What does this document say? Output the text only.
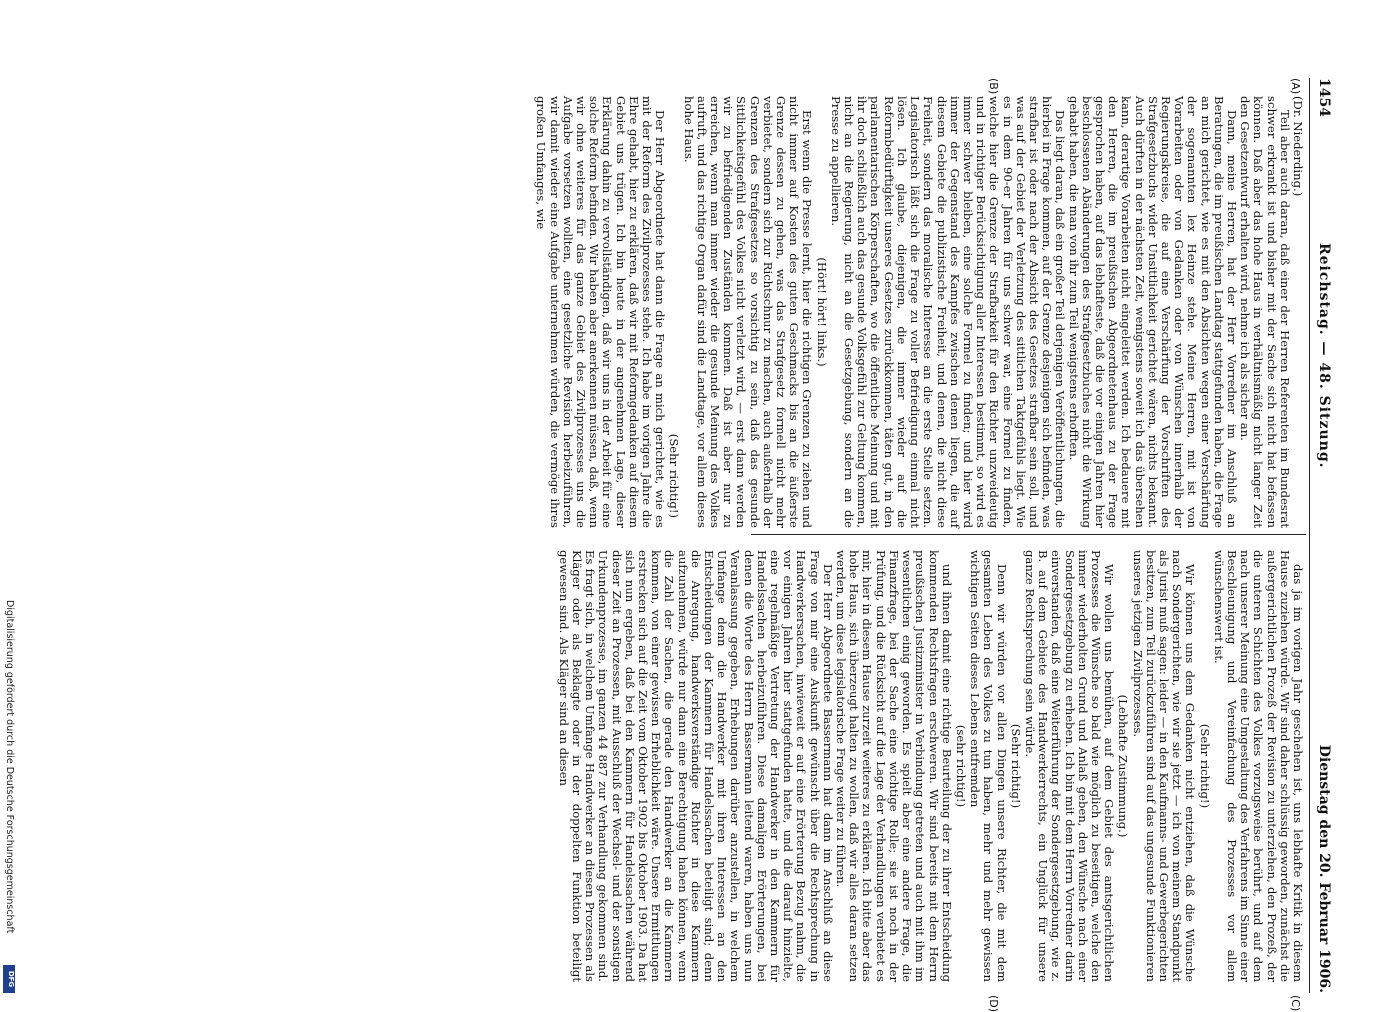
1454
Reichstag. — 48. Sitzung.
Dienstag den 20. Februar 1906.
(A)
(B)
(C)
(D)

(Dr. Niederding.)

Teil aber auch daran, daß einer der Herren Referenten im Bundesrat schwer erkrankt ist und bisher mit der Sache sich nicht hat befassen können. Daß aber das hohe Haus in verhältnismäßig nicht langer Zeit den Gesetzentwurf erhalten wird, nehme ich als sicher an.

Dann, meine Herren, hat der Herr Vorredner im Anschluß an Beratungen, die im preußischen Landtag stattgefunden haben, die Frage an mich gerichtet, wie es mit den Absichten wegen einer Verschärfung der sogenannten lex Heinze stehe. Meine Herren, mit ist von Vorarbeiten oder von Gedanken oder von Wünschen innerhalb der Regierungskreise, die auf eine Verschärfung der Vorschriften des Strafgesetzbuchs wider Unsittlichkeit gerichtet wären, nichts bekannt. Auch dürften in der nächsten Zeit, wenigstens soweit ich das übersehen kann, derartige Vorarbeiten nicht eingeleitet werden. Ich bedauere mit den Herren, die im preußischen Abgeordnetenhaus zu der Frage gesprochen haben, auf das lebhafteste, daß die vor einigen Jahren hier beschlossenen Abänderungen des Strafgesetzbuches nicht die Wirkung gehabt haben, die man von ihr zum Teil wenigstens erhofften.

Das liegt daran, daß ein großer Teil derjenigen Veröffentlichungen, die hierbei in Frage kommen, auf der Grenze desjenigen sich befinden, was strafbar ist oder nach der Absicht des Gesetzes strafbar sein soll, und was auf der Gebiet der Verletzung des sittlichen Taktgefühls liegt. Wie es in dem 90-er Jahren für uns schwer war, eine Formel zu finden, welche hier die Grenze der Strafbarkeit für den Richter unzweideutig und in richtiger Berücksichtigung aller Interessen bestimmt, so wird es immer schwer bleiben, eine solche Formel zu finden; und hier wird immer der Gegenstand des Kampfes zwischen denen liegen, die auf diesem Gebiete die publizistische Freiheit, und denen, die nicht diese Freiheit, sondern das moralische Interesse an die erste Stelle setzen. Legislatorisch läßt sich die Frage zu voller Befriedigung einmal nicht lösen. Ich glaube, diejenigen, die immer wieder auf die Reformbedürftigkeit unseres Gesetzes zurückkommen, täten gut, in den parlamentarischen Körperschaften, wo die öffentliche Meinung und mit ihr doch schließlich auch das gesunde Volksgefühl zur Geltung kommen, nicht an die Regierung, nicht an die Gesetzgebung, sondern an die Presse zu appellieren.

(Hört! hört! links.)

Erst wenn die Presse lernt, hier die richtigen Grenzen zu ziehen und nicht immer auf Kosten des guten Geschmacks bis an die äußerste Grenze dessen zu gehen, was das Strafgesetz formell nicht mehr verbietet, sondern sich zur Richtschnur zu machen, auch außerhalb der Grenzen des Strafgesetzes so vorsichtig zu sein, daß das gesunde Sittlichkeitsgefühl des Volkes nicht verletzt wird, — erst dann werden wir zu befriedigenden Zuständen kommen. Daß ist aber nur zu erreichen, wenn man immer wieder die gesunde Meinung des Volkes aufruft, und das richtige Organ dafür sind die Landtage, vor allem dieses hohe Haus.

(Sehr richtig!)

Der Herr Abgeordnete hat dann die Frage an mich gerichtet, wie es mit der Reform des Zivilprozesses stehe. Ich habe im vorigen Jahre die Ehre gehabt, hier zu erklären, daß wir mit Reformgedanken auf diesem Gebiet uns trügen. Ich bin heute in der angenehmen Lage, dieser Erklärung dahin zu vervollständigen, daß wir uns in der Arbeit für eine solche Reform befinden. Wir haben aber anerkennen müssen, daß, wenn wir ohne weiteres für das ganze Gebiet des Zivilprozesses uns die Aufgabe vorsetzen wollten, eine gesetzliche Revision herbeizuführen, wir damit wieder eine Aufgabe unternehmen würden, die vermöge ihres großen Umfanges, wie

das ja im vorigen Jahr geschehen ist, uns lebhafte Kritik in diesem Hause zuziehen würde. Wir sind daher schlüssig geworden, zunächst die außergerichtlichen Prozeß der Revision zu unterziehen, den Prozeß, der die unteren Schichten des Volkes vorzugsweise berührt, und auf dem nach unserer Meinung eine Umgestaltung des Verfahrens im Sinne einer Beschleunigung und Vereinfachung des Prozesses vor allem wünschenswert ist.

(Sehr richtig!)

Wir können uns dem Gedanken nicht entziehen, daß die Wünsche nach Sondergerichten, wie wir sie jetzt — ich von meinem Standpunkt als Jurist muß sagen: leider — in den Kaufmanns- und Gewerbegerichten besitzen, zum Teil zurückzuführen sind auf das ungesunde Funktionieren unseres jetzigen Zivilprozesses.

(Lebhafte Zustimmung.)

Wir wollen uns bemühen, auf dem Gebiet des amtsgerichtlichen Prozesses die Wünsche so bald wie möglich zu beseitigen, welche den immer wiederholten Grund und Anlaß geben, den Wünsche nach einer Sondergesetzgebung zu erheben. Ich bin mit dem Herrn Vorredner darin einverstanden, daß eine Weiterführung der Sondergesetzgebung, wie z. B. auf dem Gebiete des Handwerkerrechts, ein Unglück für unsere ganze Rechtsprechung sein würde.

(Sehr richtig!)

Denn wir würden vor allen Dingen unsere Richter, die mit dem gesamten Leben des Volkes zu tun haben, mehr und mehr gewissen wichtigen Seiten dieses Lebens entfremden

(sehr richtig!)

und ihnen damit eine richtige Beurteilung der zu ihrer Entscheidung kommenden Rechtsfragen erschweren. Wir sind bereits mit dem Herrn preußischen Justizminister in Verbindung getreten und auch mit ihm im wesentlichen einig geworden. Es spielt aber eine andere Frage, die Finanzfrage, bei der Sache eine wichtige Rolle; sie ist noch in der Prüfung, und die Rücksicht auf die Lage der Verhandlungen verbietet es mir, hier in diesem Hause zurzeit weiteres zu erklären. Ich bitte aber das hohe Haus, sich überzeugt halten zu wollen, daß wir alles daran setzen werden, um diese legislatorische Frage weiter zu führen.

Der Herr Abgeordnete Bassermann hat dann im Anschluß an diese Frage von mir eine Auskunft gewünscht über die Rechtsprechung in Handwerkersachen, inwieweit er auf eine Erörterung Bezug nahm, die vor einigen Jahren hier stattgefunden hatte, und die darauf hinzielte, eine regelmäßige Vertretung der Handwerker in den Kammern für Handelssachen herbeizuführen. Diese damaligen Erörterungen, bei denen die Worte des Herrn Bassermann leitend waren, haben uns nun Veranlassung gegeben, Erhebungen darüber anzustellen, in welchem Umfange denn die Handwerker mit ihren Interessen an den Entscheidungen der Kammern für Handelssachen beteiligt sind; denn die Anregung, handwerksverständige Richter in diese Kammern aufzunehmen, würde nur dann eine Berechtigung haben können, wenn die Zahl der Sachen, die gerade den Handwerker an die Kammern kommen, von einer gewissen Erheblichkeit wäre. Unsere Ermittlungen erstrecken sich auf die Zeit vom Oktober 1902 bis Oktober 1903. Da hat sich nun ergeben, daß bei den Kammern für Handelssachen während dieser Zeit an Prozessen, mit Ausschluß der Wechsel- und der sonstigen Urkundenprozesse, im ganzen 44 887 zur Verhandlung gekommen sind. Es fragt sich, in welchem Umfange Handwerker an diesen Prozessen als Kläger oder als Beklagte oder in der doppelten Funktion beteiligt gewesen sind. Als Kläger sind an diesen

Digitalisierung gefördert durch die Deutsche Forschungsgemeinschaft
DFG
